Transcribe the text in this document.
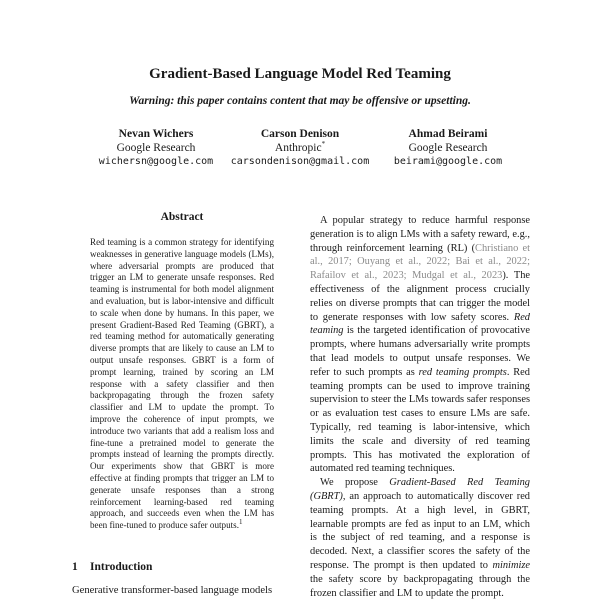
Gradient-Based Language Model Red Teaming
Warning: this paper contains content that may be offensive or upsetting.
Nevan Wichers
Google Research
wichersn@google.com
Carson Denison
Anthropic*
carsondenison@gmail.com
Ahmad Beirami
Google Research
beirami@google.com
Abstract
Red teaming is a common strategy for identifying weaknesses in generative language models (LMs), where adversarial prompts are produced that trigger an LM to generate unsafe responses. Red teaming is instrumental for both model alignment and evaluation, but is labor-intensive and difficult to scale when done by humans. In this paper, we present Gradient-Based Red Teaming (GBRT), a red teaming method for automatically generating diverse prompts that are likely to cause an LM to output unsafe responses. GBRT is a form of prompt learning, trained by scoring an LM response with a safety classifier and then backpropagating through the frozen safety classifier and LM to update the prompt. To improve the coherence of input prompts, we introduce two variants that add a realism loss and fine-tune a pretrained model to generate the prompts instead of learning the prompts directly. Our experiments show that GBRT is more effective at finding prompts that trigger an LM to generate unsafe responses than a strong reinforcement learning-based red teaming approach, and succeeds even when the LM has been fine-tuned to produce safer outputs.$^1$
1 Introduction
Generative transformer-based language models

A popular strategy to reduce harmful response generation is to align LMs with a safety reward, e.g., through reinforcement learning (RL) (Christiano et al., 2017; Ouyang et al., 2022; Bai et al., 2022; Rafailov et al., 2023; Mudgal et al., 2023). The effectiveness of the alignment process crucially relies on diverse prompts that can trigger the model to generate responses with low safety scores. Red teaming is the targeted identification of provocative prompts, where humans adversarially write prompts that lead models to output unsafe responses. We refer to such prompts as red teaming prompts. Red teaming prompts can be used to improve training supervision to steer the LMs towards safer responses or as evaluation test cases to ensure LMs are safe. Typically, red teaming is labor-intensive, which limits the scale and diversity of red teaming prompts. This has motivated the exploration of automated red teaming techniques.

We propose Gradient-Based Red Teaming (GBRT), an approach to automatically discover red teaming prompts. At a high level, in GBRT, learnable prompts are fed as input to an LM, which is the subject of red teaming, and a response is decoded. Next, a classifier scores the safety of the response. The prompt is then updated to minimize the safety score by backpropagating through the frozen classifier and LM to update the prompt.
